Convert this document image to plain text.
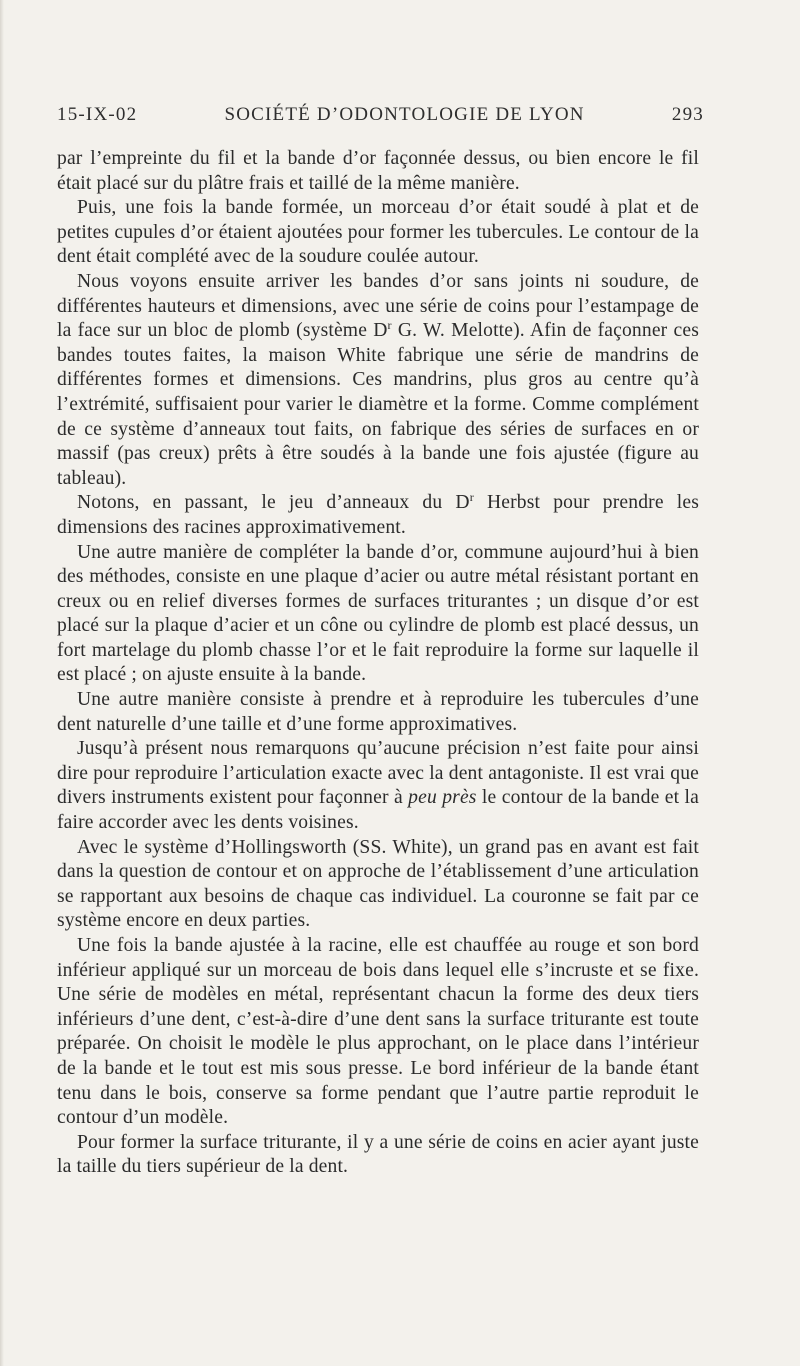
15-IX-02	SOCIÉTÉ D’ODONTOLOGIE DE LYON	293

par l’empreinte du fil et la bande d’or façonnée dessus, ou bien encore le fil était placé sur du plâtre frais et taillé de la même manière.

Puis, une fois la bande formée, un morceau d’or était soudé à plat et de petites cupules d’or étaient ajoutées pour former les tubercules. Le contour de la dent était complété avec de la soudure coulée autour.

Nous voyons ensuite arriver les bandes d’or sans joints ni soudure, de différentes hauteurs et dimensions, avec une série de coins pour l’estampage de la face sur un bloc de plomb (système $D^r$ G. W. Melotte). Afin de façonner ces bandes toutes faites, la maison White fabrique une série de mandrins de différentes formes et dimensions. Ces mandrins, plus gros au centre qu’à l’extrémité, suffisaient pour varier le diamètre et la forme. Comme complément de ce système d’anneaux tout faits, on fabrique des séries de surfaces en or massif (pas creux) prêts à être soudés à la bande une fois ajustée (figure au tableau).

Notons, en passant, le jeu d’anneaux du $D^r$ Herbst pour prendre les dimensions des racines approximativement.

Une autre manière de compléter la bande d’or, commune aujourd’hui à bien des méthodes, consiste en une plaque d’acier ou autre métal résistant portant en creux ou en relief diverses formes de surfaces triturantes ; un disque d’or est placé sur la plaque d’acier et un cône ou cylindre de plomb est placé dessus, un fort martelage du plomb chasse l’or et le fait reproduire la forme sur laquelle il est placé ; on ajuste ensuite à la bande.

Une autre manière consiste à prendre et à reproduire les tubercules d’une dent naturelle d’une taille et d’une forme approximatives.

Jusqu’à présent nous remarquons qu’aucune précision n’est faite pour ainsi dire pour reproduire l’articulation exacte avec la dent antagoniste. Il est vrai que divers instruments existent pour façonner à peu près le contour de la bande et la faire accorder avec les dents voisines.

Avec le système d’Hollingsworth (SS. White), un grand pas en avant est fait dans la question de contour et on approche de l’établissement d’une articulation se rapportant aux besoins de chaque cas individuel. La couronne se fait par ce système encore en deux parties.

Une fois la bande ajustée à la racine, elle est chauffée au rouge et son bord inférieur appliqué sur un morceau de bois dans lequel elle s’incruste et se fixe. Une série de modèles en métal, représentant chacun la forme des deux tiers inférieurs d’une dent, c’est-à-dire d’une dent sans la surface triturante est toute préparée. On choisit le modèle le plus approchant, on le place dans l’intérieur de la bande et le tout est mis sous presse. Le bord inférieur de la bande étant tenu dans le bois, conserve sa forme pendant que l’autre partie reproduit le contour d’un modèle.

Pour former la surface triturante, il y a une série de coins en acier ayant juste la taille du tiers supérieur de la dent.
